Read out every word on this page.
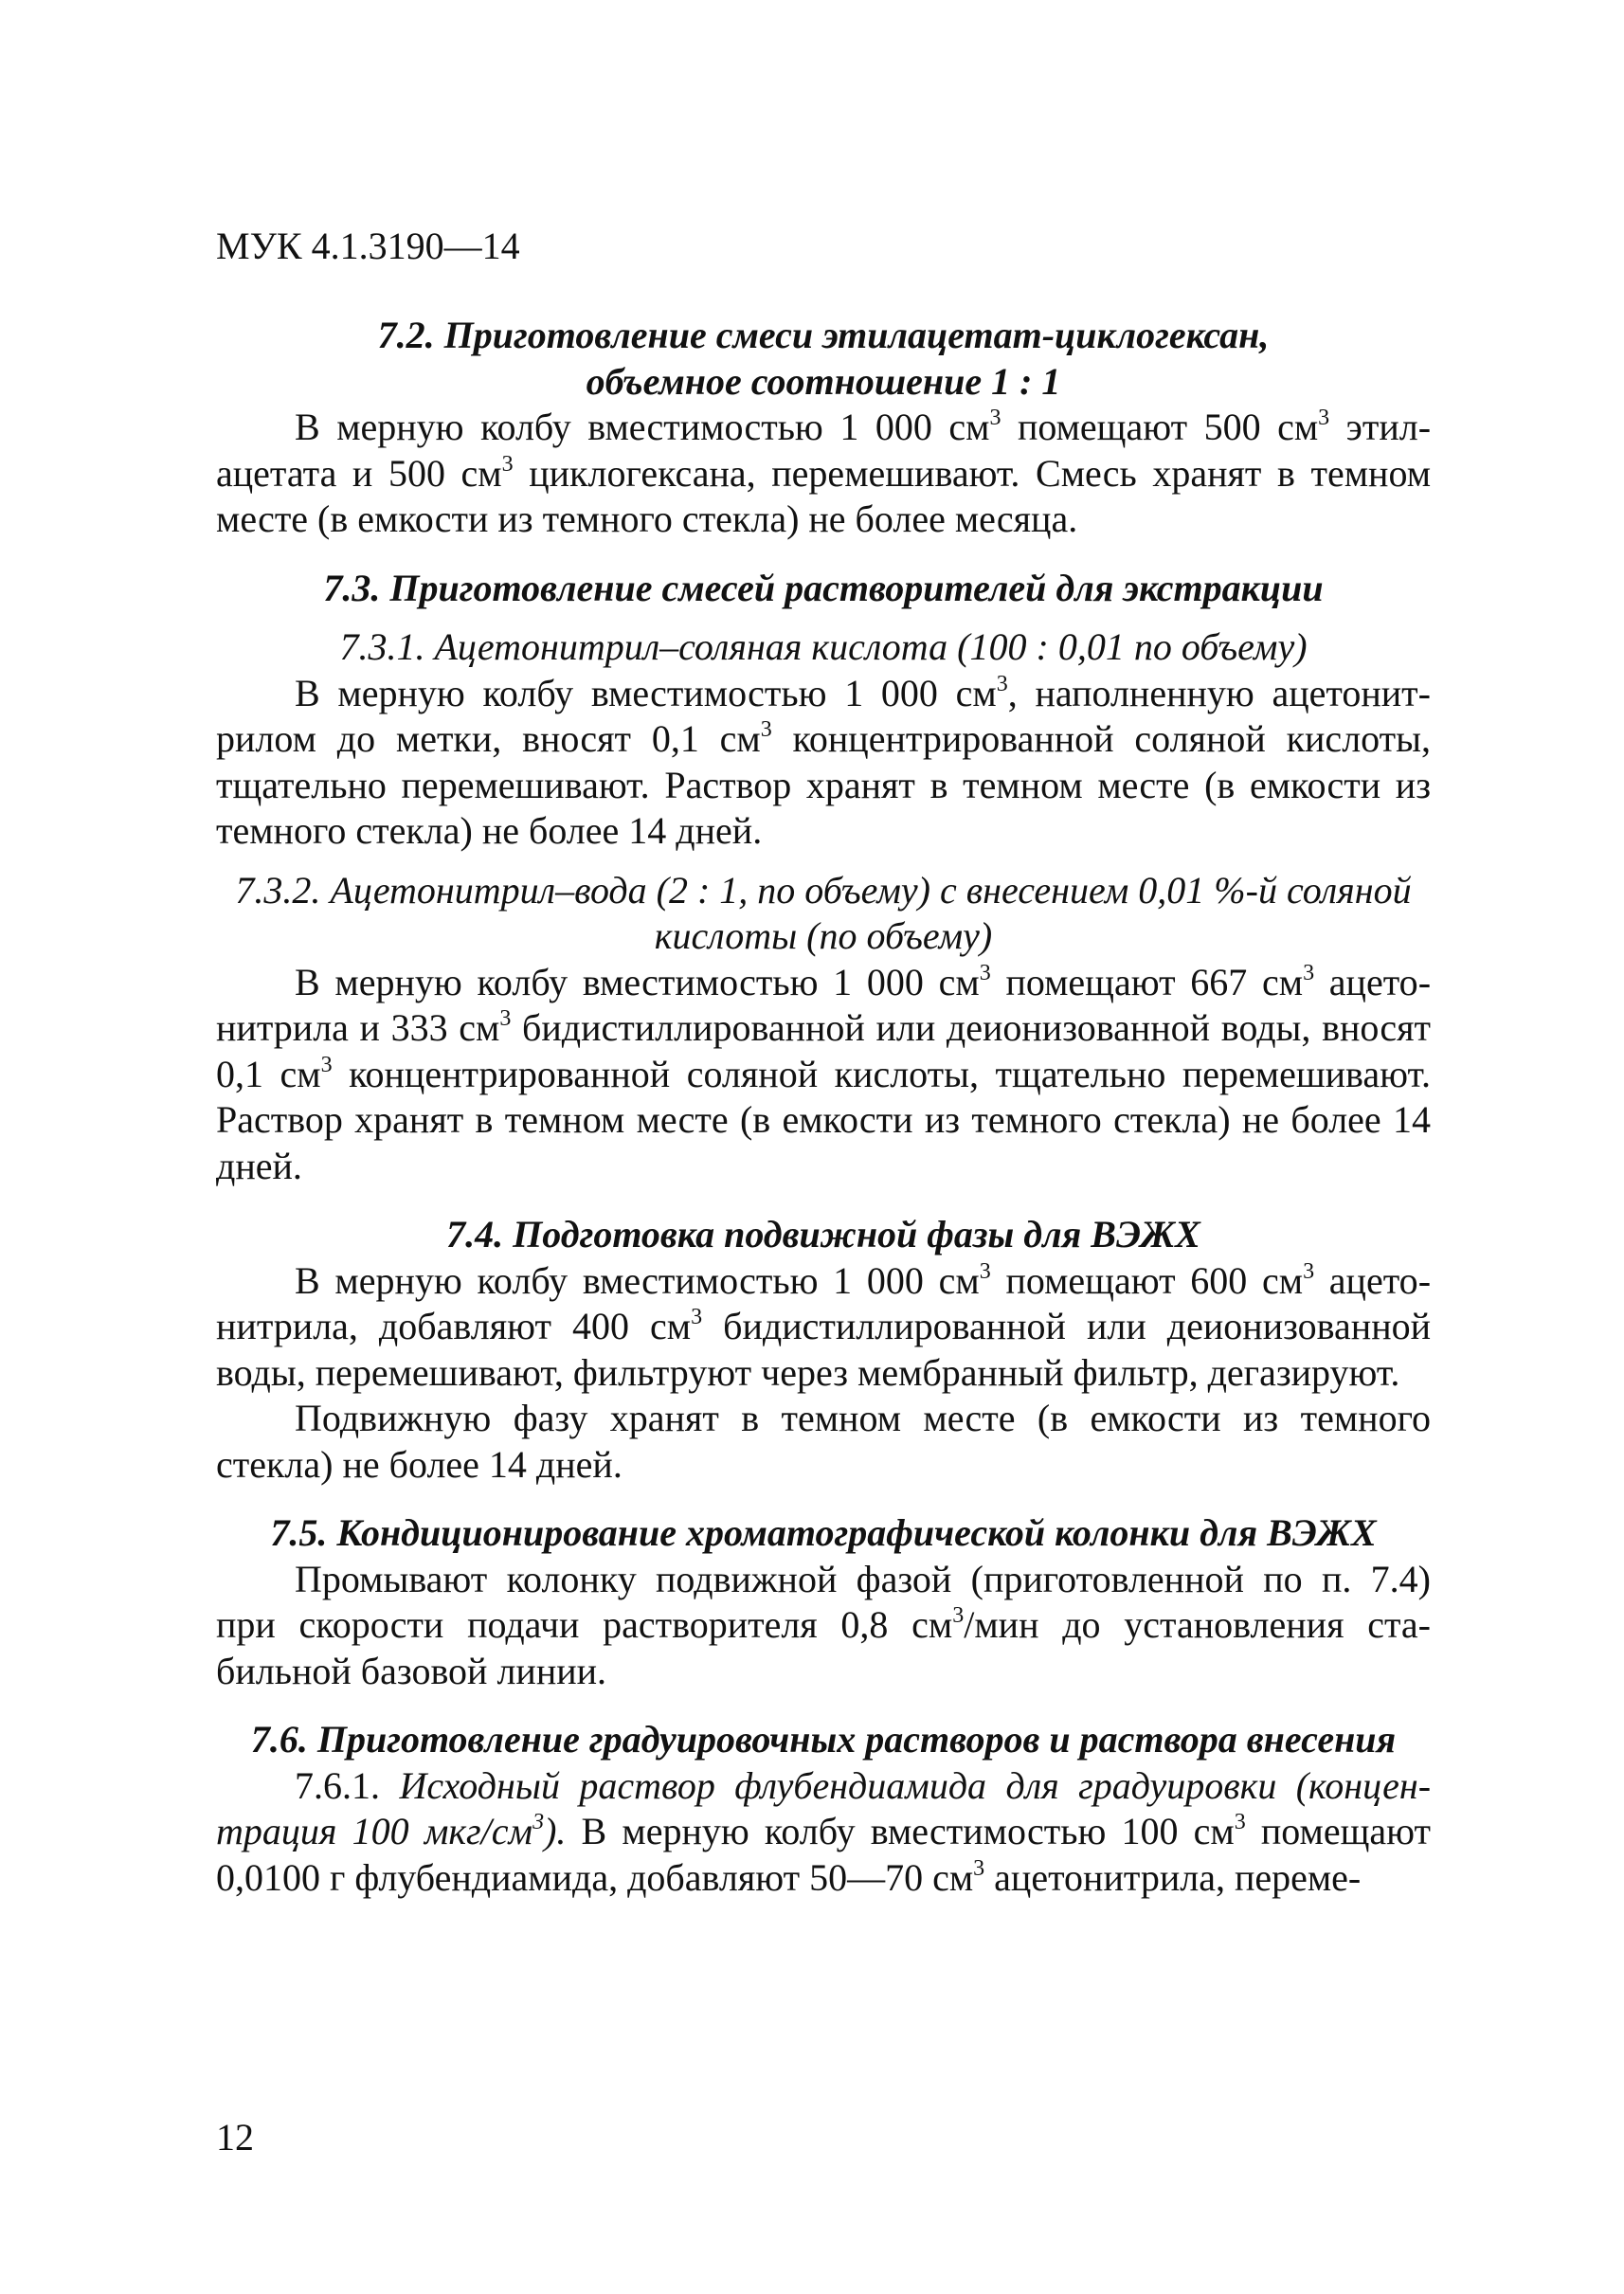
МУК 4.1.3190—14

7.2. Приготовление смеси этилацетат-циклогексан,

объемное соотношение 1 : 1

В мерную колбу вместимостью 1 000 $см^3$ помещают 500 $см^3$ этилацетата и 500 $см^3$ циклогексана, перемешивают. Смесь хранят в темном месте (в емкости из темного стекла) не более месяца.

7.3. Приготовление смесей растворителей для экстракции

7.3.1. Ацетонитрил–соляная кислота (100 : 0,01 по объему)

В мерную колбу вместимостью 1 000 $см^3$, наполненную ацетонитрилом до метки, вносят 0,1 $см^3$ концентрированной соляной кислоты, тщательно перемешивают. Раствор хранят в темном месте (в емкости из темного стекла) не более 14 дней.

7.3.2. Ацетонитрил–вода (2 : 1, по объему) с внесением 0,01 %-й соляной

кислоты (по объему)

В мерную колбу вместимостью 1 000 $см^3$ помещают 667 $см^3$ ацетонитрила и 333 $см^3$ бидистиллированной или деионизованной воды, вносят 0,1 $см^3$ концентрированной соляной кислоты, тщательно перемешивают. Раствор хранят в темном месте (в емкости из темного стекла) не более 14 дней.

7.4. Подготовка подвижной фазы для ВЭЖХ

В мерную колбу вместимостью 1 000 $см^3$ помещают 600 $см^3$ ацетонитрила, добавляют 400 $см^3$ бидистиллированной или деионизованной воды, перемешивают, фильтруют через мембранный фильтр, дегазируют.

Подвижную фазу хранят в темном месте (в емкости из темного стекла) не более 14 дней.

7.5. Кондиционирование хроматографической колонки для ВЭЖХ

Промывают колонку подвижной фазой (приготовленной по п. 7.4) при скорости подачи растворителя 0,8 $см^3$/мин до установления стабильной базовой линии.

7.6. Приготовление градуировочных растворов и раствора внесения

7.6.1. Исходный раствор флубендиамида для градуировки (концентрация 100 мкг/$см^3$). В мерную колбу вместимостью 100 $см^3$ помещают 0,0100 г флубендиамида, добавляют 50—70 $см^3$ ацетонитрила, переме-

12
